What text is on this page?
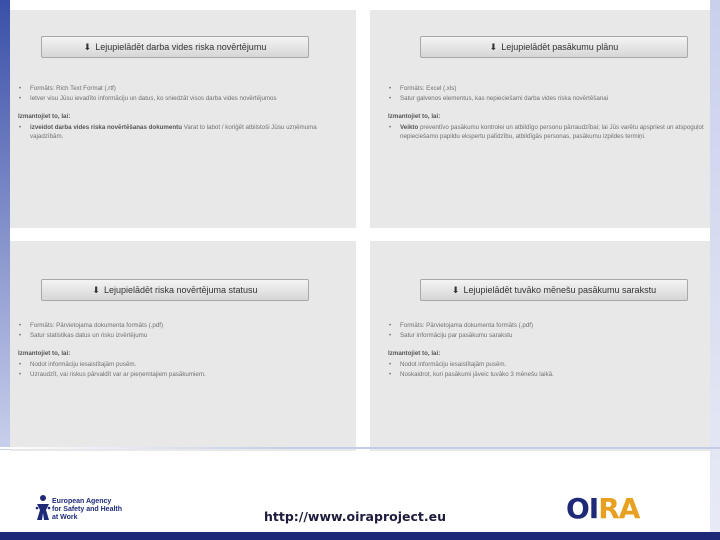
⬇ Lejupielādēt darba vides riska novērtējumu
• Formāts: Rich Text Format (.rtf)
• Ietver visu Jūsu ievadīto informāciju un datus, ko sniedzāt visos darba vides novērtējumos
Izmantojiet to, lai:
• izveidot darba vides riska novērtēšanas dokumentu Varat to labot / koriģēt atbilstoši Jūsu uzņēmuma vajadzībām.
⬇ Lejupielādēt pasākumu plānu
• Formāts: Excel (.xls)
• Satur galvenos elementus, kas nepieciešami darba vides riska novērtēšanai
Izmantojiet to, lai:
• Veikto preventīvo pasākumu kontrolei un atbildīgo personu pārraudzībai; lai Jūs varētu apspriest un atspoguļot nepieciešamo papildu ekspertu palīdzību, atbildīgās personas, pasākumu izpildes termiņi.
⬇ Lejupielādēt riska novērtējuma statusu
• Formāts: Pārvietojama dokumenta formāts (.pdf)
• Satur statistikas datus un risku izvērtējumu
Izmantojiet to, lai:
• Nodot informāciju iesaistītajām pusēm.
• Uzraudzīt, vai riskus pārvaldīt var ar pieņemtajiem pasākumiem.
⬇ Lejupielādēt tuvāko mēnešu pasākumu sarakstu
• Formāts: Pārvietojama dokumenta formāts (.pdf)
• Satur informāciju par pasākumu sarakstu
Izmantojiet to, lai:
• Nodot informāciju iesaistītajām pusēm.
• Noskaidrot, kuri pasākumi jāveic tuvāko 3 mēnešu laikā.
European Agency
for Safety and Health
at Work	http://www.oiraproject.eu	OIRA
